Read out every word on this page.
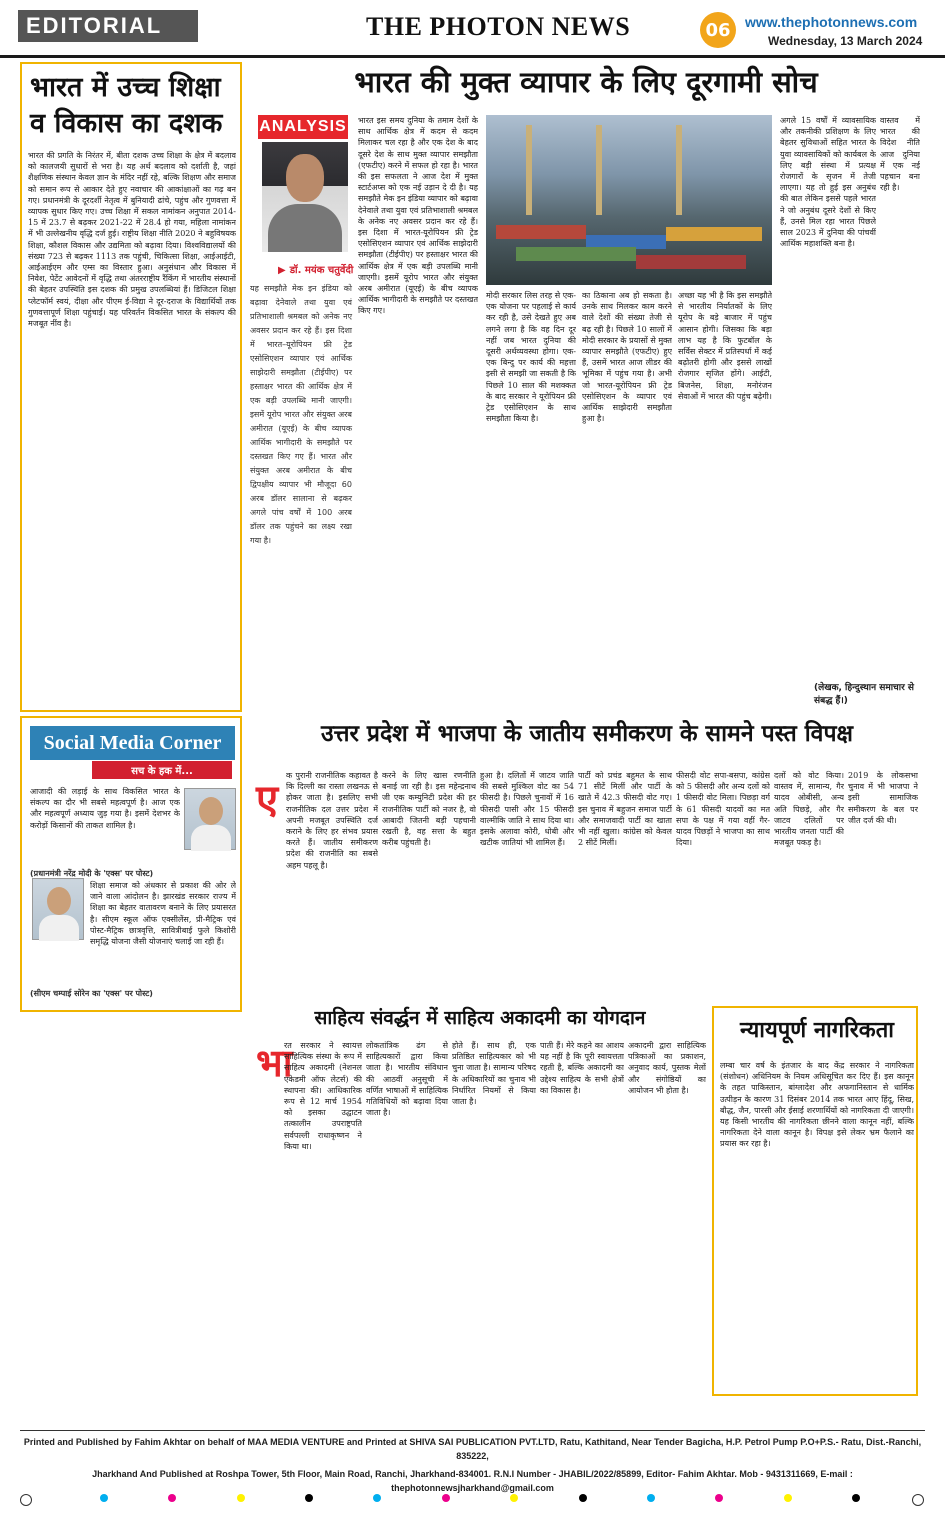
EDITORIAL	THE PHOTON NEWS	06	www.thephotonnews.com
Wednesday, 13 March 2024
भारत में उच्च शिक्षा व विकास का दशक
भारत की प्रगति के निरंतर में, बीता दशक उच्च शिक्षा के क्षेत्र में बदलाव को कालजयी सुधारों से भरा है। यह अर्थ बदलाव को दर्शाती है, जहां शैक्षणिक संस्थान केवल ज्ञान के मंदिर नहीं रहे, बल्कि शिक्षण और समाज को समान रूप से आकार देते हुए नवाचार की आकांक्षाओं का गढ़ बन गए। प्रधानमंत्री के दूरदर्शी नेतृत्व में बुनियादी ढांचे, पहुंच और गुणवत्ता में व्यापक सुधार किए गए। उच्च शिक्षा में सकल नामांकन अनुपात 2014-15 में 23.7 से बढ़कर 2021-22 में 28.4 हो गया, महिला नामांकन में भी उल्लेखनीय वृद्धि दर्ज हुई। राष्ट्रीय शिक्षा नीति 2020 ने बहुविषयक शिक्षा, कौशल विकास और उद्यमिता को बढ़ावा दिया। विश्वविद्यालयों की संख्या 723 से बढ़कर 1113 तक पहुंची, चिकित्सा शिक्षा, आईआईटी, आईआईएम और एम्स का विस्तार हुआ। अनुसंधान और विकास में निवेश, पेटेंट आवेदनों में वृद्धि तथा अंतरराष्ट्रीय रैंकिंग में भारतीय संस्थानों की बेहतर उपस्थिति इस दशक की प्रमुख उपलब्धियां हैं। डिजिटल शिक्षा प्लेटफॉर्म स्वयं, दीक्षा और पीएम ई-विद्या ने दूर-दराज के विद्यार्थियों तक गुणवत्तापूर्ण शिक्षा पहुंचाई। यह परिवर्तन विकसित भारत के संकल्प की मजबूत नींव है।
भारत की मुक्त व्यापार के लिए दूरगामी सोच
ANALYSIS
▶ डॉ. मयंक चतुर्वेदी
यह समझौते मेक इन इंडिया को बढ़ावा देनेवाले तथा युवा एवं प्रतिभाशाली श्रमबल को अनेक नए अवसर प्रदान कर रहे हैं। इस दिशा में भारत–यूरोपियन फ्री ट्रेड एसोसिएशन व्यापार एवं आर्थिक साझेदारी समझौता (टीईपीए) पर हस्ताक्षर भारत की आर्थिक क्षेत्र में एक बड़ी उपलब्धि मानी जाएगी। इसमें यूरोप भारत और संयुक्त अरब अमीरात (यूएई) के बीच व्यापक आर्थिक भागीदारी के समझौते पर दस्तखत किए गए हैं। भारत और संयुक्त अरब अमीरात के बीच द्विपक्षीय व्यापार भी मौजूदा 60 अरब डॉलर सालाना से बढ़कर अगले पांच वर्षों में 100 अरब डॉलर तक पहुंचने का लक्ष्य रखा गया है।
भारत इस समय दुनिया के तमाम देशों के साथ आर्थिक क्षेत्र में कदम से कदम मिलाकर चल रहा है और एक देश के बाद दूसरे देश के साथ मुक्त व्यापार समझौता (एफटीए) करने में सफल हो रहा है। भारत की इस सफलता ने आज देश में मुक्त स्टार्टअप्स को एक नई उड़ान दे दी है। यह समझौते मेक इन इंडिया व्यापार को बढ़ावा देनेवाले तथा युवा एवं प्रतिभाशाली श्रमबल के अनेक नए अवसर प्रदान कर रहे हैं। इस दिशा में भारत-यूरोपियन फ्री ट्रेड एसोसिएशन व्यापार एवं आर्थिक साझेदारी समझौता (टीईपीए) पर हस्ताक्षर भारत की आर्थिक क्षेत्र में एक बड़ी उपलब्धि मानी जाएगी। इसमें यूरोप भारत और संयुक्त अरब अमीरात (यूएई) के बीच व्यापक आर्थिक भागीदारी के समझौते पर दस्तखत किए गए।
मोदी सरकार लिस तरह से एक-एक योजना पर पहलाई से कार्य कर रही है, उसे देखते हुए अब लगने लगा है कि वह दिन दूर नहीं जब भारत दुनिया की दूसरी अर्थव्यवस्था होगा। एक-एक बिन्दु पर कार्य की महत्ता इसी से समझी जा सकती है कि पिछले 10 साल की मशक्कत के बाद सरकार ने यूरोपियन फ्री ट्रेड एसोसिएशन के साथ समझौता किया है।
का ठिकाना अब हो सकता है। उनके साथ मिलकर काम करने वाले देशों की संख्या तेजी से बढ़ रही है। पिछले 10 सालों में मोदी सरकार के प्रयासों से मुक्त व्यापार समझौते (एफटीए) हुए हैं, उसमें भारत आज लीडर की भूमिका में पहुंच गया है। अभी जो भारत-यूरोपियन फ्री ट्रेड एसोसिएशन के व्यापार एवं आर्थिक साझेदारी समझौता हुआ है।
अच्छा यह भी है कि इस समझौते से भारतीय निर्यातकों के लिए यूरोप के बड़े बाजार में पहुंच आसान होगी। जिसका कि बड़ा लाभ यह है कि फुटबॉल के सर्विस सेक्टर में प्रतिस्पर्धा में कई बढ़ोतरी होगी और इससे लाखों रोजगार सृजित होंगे। आईटी, बिजनेस, शिक्षा, मनोरंजन सेवाओं में भारत की पहुंच बढ़ेगी।
अगले 15 वर्षों में व्यावसायिक और तकनीकी प्रशिक्षण के लिए बेहतर सुविधाओं सहित भारत के युवा व्यावसायिकों को कार्यबल के लिए बड़ी संस्था में प्रत्यक्ष रोजगारों के सृजन में तेजी लाएगा। यह तो हुई इस अनुबंध की बात लेकिन इससे पहले भारत ने जो अनुबंध दूसरे देशों से किए हैं, उनसे मिल रहा भारत पिछले साल 2023 में दुनिया की पांचवीं आर्थिक महाशक्ति बना है।
वास्तव में भारत की विदेश नीति आज दुनिया में एक नई पहचान बना रही है।
(लेखक, हिन्दुस्थान समाचार से संबद्ध हैं।)
उत्तर प्रदेश में भाजपा के जातीय समीकरण के सामने पस्त विपक्ष
ए
क पुरानी राजनीतिक कहावत है कि दिल्ली का रास्ता लखनऊ से होकर जाता है। इसलिए सभी राजनीतिक दल उत्तर प्रदेश में अपनी मजबूत उपस्थिति दर्ज कराने के लिए हर संभव प्रयास करते हैं। जातीय समीकरण प्रदेश की राजनीति का सबसे अहम पहलू है।
करने के लिए खास रणनीति बनाई जा रही है। इस महेन्द्रनाथ जी एक कम्युनिटी प्रदेश की हर राजनीतिक पार्टी को नजर है, वो आबादी जितनी बड़ी पहचानी रखती है, वह सत्ता के बहुत करीब पहुंचती है।
हुआ है। दलितों में जाटव जाति की सबसे मुश्किल वोट का 54 फीसदी है। पिछले चुनावों में 16 फीसदी पासी और 15 फीसदी वाल्मीकि जाति ने साथ दिया था। इसके अलावा कोरी, धोबी और खटीक जातियां भी शामिल हैं।
पार्टी को प्रचंड बहुमत के साथ 71 सीटें मिलीं और पार्टी के खाते में 42.3 फीसदी वोट गए। इस चुनाव में बहुजन समाज पार्टी और समाजवादी पार्टी का खाता भी नहीं खुला। कांग्रेस को केवल 2 सीटें मिलीं।
फीसदी वोट सपा-बसपा, कांग्रेस को 5 फीसदी और अन्य दलों को 1 फीसदी वोट मिला। पिछड़ा वर्ग के 61 फीसदी यादवों का मत सपा के पक्ष में गया वहीं गैर-यादव पिछड़ों ने भाजपा का साथ दिया।
दलों को वोट किया। वास्तव में, सामान्य, गैर यादव ओबीसी, अन्य अति पिछड़े, और गैर जाटव दलितों पर भारतीय जनता पार्टी की मजबूत पकड़ है।
2019 के लोकसभा चुनाव में भी भाजपा ने इसी सामाजिक समीकरण के बल पर जीत दर्ज की थी।
Social Media Corner
सच के हक में...
आजादी की लड़ाई के साथ विकसित भारत के संकल्प का दौर भी सबसे महत्वपूर्ण है। आज एक और महत्वपूर्ण अध्याय जुड़ गया है। इसमें देशभर के करोड़ों किसानों की ताकत शामिल है।
(प्रधानमंत्री नरेंद्र मोदी के 'एक्स' पर पोस्ट)
शिक्षा समाज को अंधकार से प्रकाश की ओर ले जाने वाला आंदोलन है। झारखंड सरकार राज्य में शिक्षा का बेहतर वातावरण बनाने के लिए प्रयासरत है। सीएम स्कूल ऑफ एक्सीलेंस, प्री-मैट्रिक एवं पोस्ट-मैट्रिक छात्रवृत्ति, सावित्रीबाई फुले किशोरी समृद्धि योजना जैसी योजनाएं चलाई जा रही हैं।
(सीएम चम्पाई सोरेन का 'एक्स' पर पोस्ट)
साहित्य संवर्द्धन में साहित्य अकादमी का योगदान
भा
रत सरकार ने स्वायत्त साहित्यिक संस्था के रूप में साहित्य अकादमी (नेशनल एकेडमी ऑफ लेटर्स) की स्थापना की। आधिकारिक रूप से 12 मार्च 1954 को इसका उद्घाटन तत्कालीन उपराष्ट्रपति सर्वपल्ली राधाकृष्णन ने किया था।
लोकतांत्रिक ढंग से साहित्यकारों द्वारा किया जाता है। भारतीय संविधान की आठवीं अनुसूची में वर्णित भाषाओं में साहित्यिक गतिविधियों को बढ़ावा दिया जाता है।
होते हैं। साथ ही, एक प्रतिष्ठित साहित्यकार को भी चुना जाता है। सामान्य परिषद के अधिकारियों का चुनाव भी निर्धारित नियमों से किया जाता है।
पाती हैं। मेरे कहने का आशय यह नहीं है कि पूरी स्वायत्तता रहती है, बल्कि अकादमी का उद्देश्य साहित्य के सभी क्षेत्रों का विकास है।
अकादमी द्वारा साहित्यिक पत्रिकाओं का प्रकाशन, अनुवाद कार्य, पुस्तक मेलों और संगोष्ठियों का आयोजन भी होता है।
न्यायपूर्ण नागरिकता
लम्बा चार वर्ष के इंतजार के बाद केंद्र सरकार ने नागरिकता (संशोधन) अधिनियम के नियम अधिसूचित कर दिए हैं। इस कानून के तहत पाकिस्तान, बांग्लादेश और अफगानिस्तान से धार्मिक उत्पीड़न के कारण 31 दिसंबर 2014 तक भारत आए हिंदू, सिख, बौद्ध, जैन, पारसी और ईसाई शरणार्थियों को नागरिकता दी जाएगी। यह किसी भारतीय की नागरिकता छीनने वाला कानून नहीं, बल्कि नागरिकता देने वाला कानून है। विपक्ष इसे लेकर भ्रम फैलाने का प्रयास कर रहा है।
Printed and Published by Fahim Akhtar on behalf of MAA MEDIA VENTURE and Printed at SHIVA SAI PUBLICATION PVT.LTD, Ratu, Kathitand, Near Tender Bagicha, H.P. Petrol Pump P.O+P.S.- Ratu, Dist.-Ranchi, 835222,
Jharkhand And Published at Roshpa Tower, 5th Floor, Main Road, Ranchi, Jharkhand-834001. R.N.I Number - JHABIL/2022/85899, Editor- Fahim Akhtar. Mob - 9431311669, E-mail : thephotonnewsjharkhand@gmail.com
